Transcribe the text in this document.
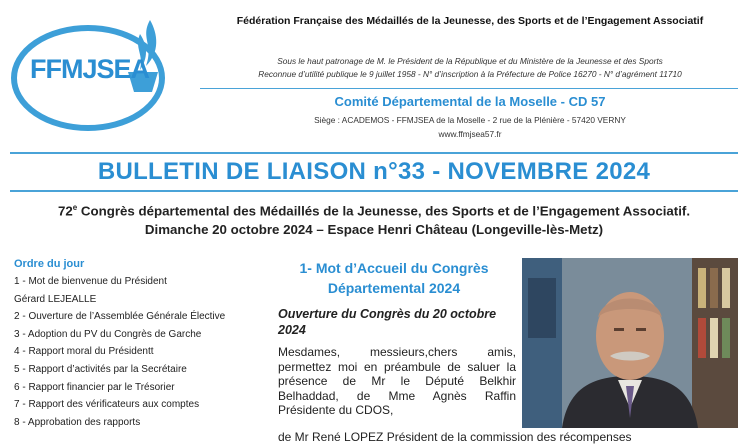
FFMJSEA
Fédération Française des Médaillés de la Jeunesse, des Sports et de l’Engagement Associatif
Sous le haut patronage de M. le Président de la République et du Ministère de la Jeunesse et des Sports
Reconnue d’utilité publique le 9 juillet 1958 - N° d’inscription à la Préfecture de Police 16270 - N° d’agrément 11710
Comité Départemental de la Moselle - CD 57
Siège : ACADEMOS - FFMJSEA de la Moselle - 2 rue de la Plénière - 57420 VERNY
www.ffmjsea57.fr
BULLETIN DE LIAISON n°33 - NOVEMBRE 2024
72e Congrès départemental des Médaillés de la Jeunesse, des Sports et de l’Engagement Associatif.
Dimanche 20 octobre 2024 – Espace Henri Château (Longeville-lès-Metz)
Ordre du jour
1 - Mot de bienvenue du Président
Gérard LEJEALLE
2 - Ouverture de l’Assemblée Générale Élective
3 - Adoption du PV du Congrès de Garche
4 - Rapport moral du Présidentt
5 - Rapport d’activités par la Secrétaire
6 - Rapport financier par le Trésorier
7 - Rapport des vérificateurs aux comptes
8 - Approbation des rapports
1- Mot d’Accueil du Congrès Départemental 2024
Ouverture du Congrès du 20 octobre 2024
Mesdames, messieurs,chers amis, permettez moi en préambule de saluer la présence de Mr le Député Belkhir Belhaddad, de Mme Agnès Raffin Présidente du CDOS,
de Mr René LOPEZ Président de la commission des récompenses
